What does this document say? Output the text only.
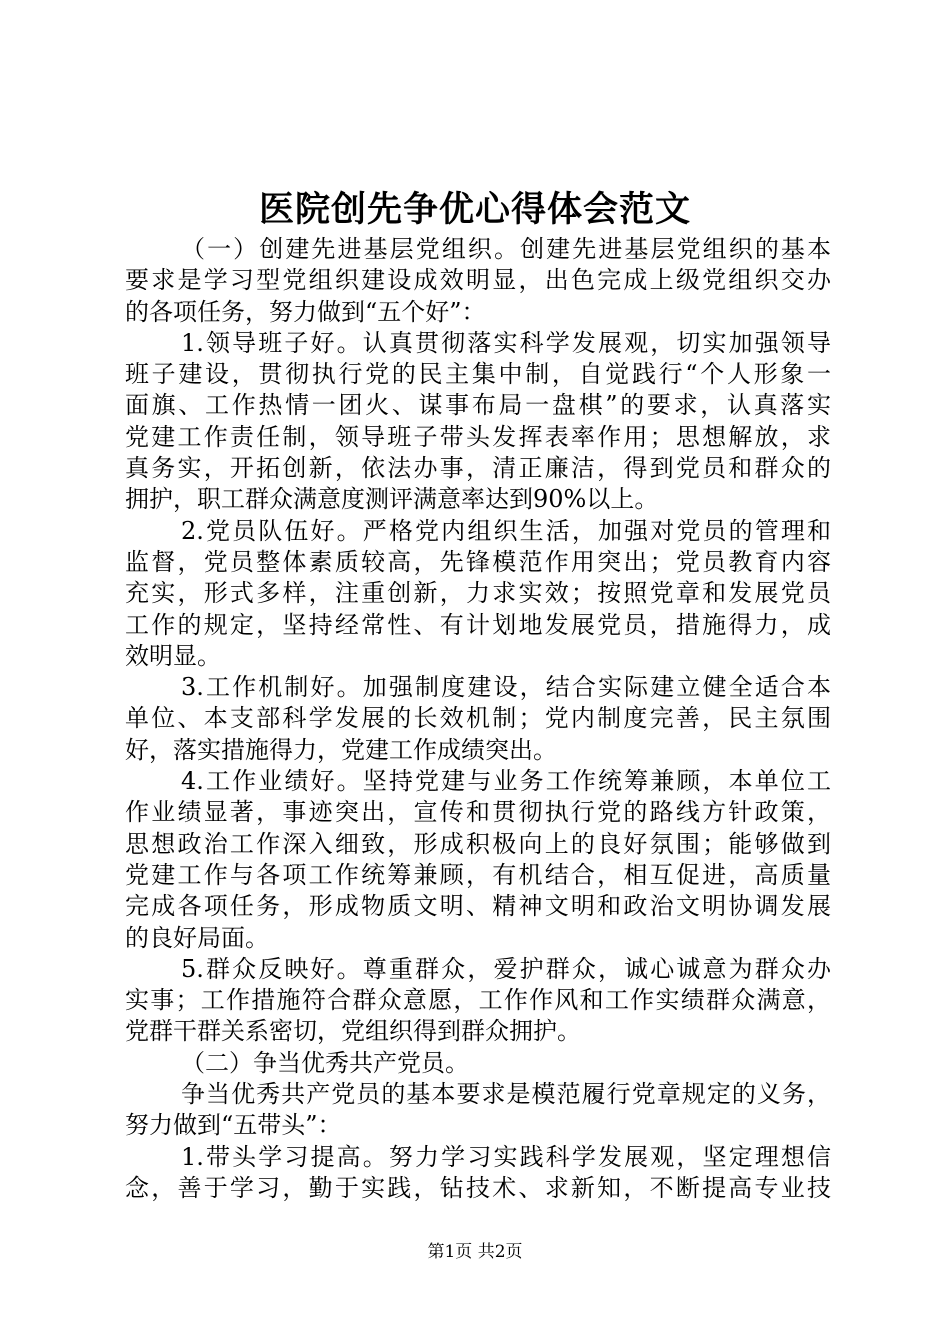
医院创先争优心得体会范文
（一）创建先进基层党组织。创建先进基层党组织的基本
要求是学习型党组织建设成效明显，出色完成上级党组织交办
的各项任务，努力做到“五个好”：
1.领导班子好。认真贯彻落实科学发展观，切实加强领导
班子建设，贯彻执行党的民主集中制，自觉践行“个人形象一
面旗、工作热情一团火、谋事布局一盘棋”的要求，认真落实
党建工作责任制，领导班子带头发挥表率作用；思想解放，求
真务实，开拓创新，依法办事，清正廉洁，得到党员和群众的
拥护，职工群众满意度测评满意率达到90%以上。
2.党员队伍好。严格党内组织生活，加强对党员的管理和
监督，党员整体素质较高，先锋模范作用突出；党员教育内容
充实，形式多样，注重创新，力求实效；按照党章和发展党员
工作的规定，坚持经常性、有计划地发展党员，措施得力，成
效明显。
3.工作机制好。加强制度建设，结合实际建立健全适合本
单位、本支部科学发展的长效机制；党内制度完善，民主氛围
好，落实措施得力，党建工作成绩突出。
4.工作业绩好。坚持党建与业务工作统筹兼顾，本单位工
作业绩显著，事迹突出，宣传和贯彻执行党的路线方针政策，
思想政治工作深入细致，形成积极向上的良好氛围；能够做到
党建工作与各项工作统筹兼顾，有机结合，相互促进，高质量
完成各项任务，形成物质文明、精神文明和政治文明协调发展
的良好局面。
5.群众反映好。尊重群众，爱护群众，诚心诚意为群众办
实事；工作措施符合群众意愿，工作作风和工作实绩群众满意，
党群干群关系密切，党组织得到群众拥护。
（二）争当优秀共产党员。
争当优秀共产党员的基本要求是模范履行党章规定的义务，
努力做到“五带头”：
1.带头学习提高。努力学习实践科学发展观，坚定理想信
念，善于学习，勤于实践，钻技术、求新知，不断提高专业技
第1页 共2页
